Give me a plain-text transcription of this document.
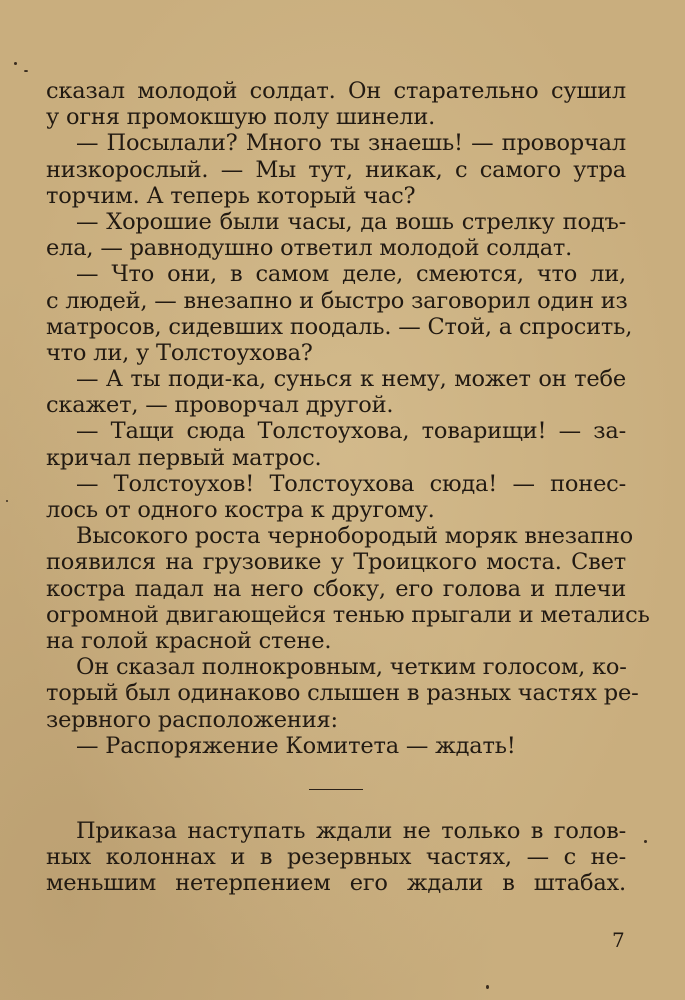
сказал молодой солдат. Он старательно сушил
у огня промокшую полу шинели.
— Посылали? Много ты знаешь! — проворчал
низкорослый. — Мы тут, никак, с самого утра
торчим. А теперь который час?
— Хорошие были часы, да вошь стрелку подъ-
ела, — равнодушно ответил молодой солдат.
— Что они, в самом деле, смеются, что ли,
с людей, — внезапно и быстро заговорил один из
матросов, сидевших поодаль. — Стой, а спросить,
что ли, у Толстоухова?
— А ты поди-ка, сунься к нему, может он тебе
скажет, — проворчал другой.
— Тащи сюда Толстоухова, товарищи! — за-
кричал первый матрос.
— Толстоухов! Толстоухова сюда! — понес-
лось от одного костра к другому.
Высокого роста чернобородый моряк внезапно
появился на грузовике у Троицкого моста. Свет
костра падал на него сбоку, его голова и плечи
огромной двигающейся тенью прыгали и метались
на голой красной стене.
Он сказал полнокровным, четким голосом, ко-
торый был одинаково слышен в разных частях ре-
зервного расположения:
— Распоряжение Комитета — ждать!
Приказа наступать ждали не только в голов-
ных колоннах и в резервных частях, — с не-
меньшим нетерпением его ждали в штабах.
7
